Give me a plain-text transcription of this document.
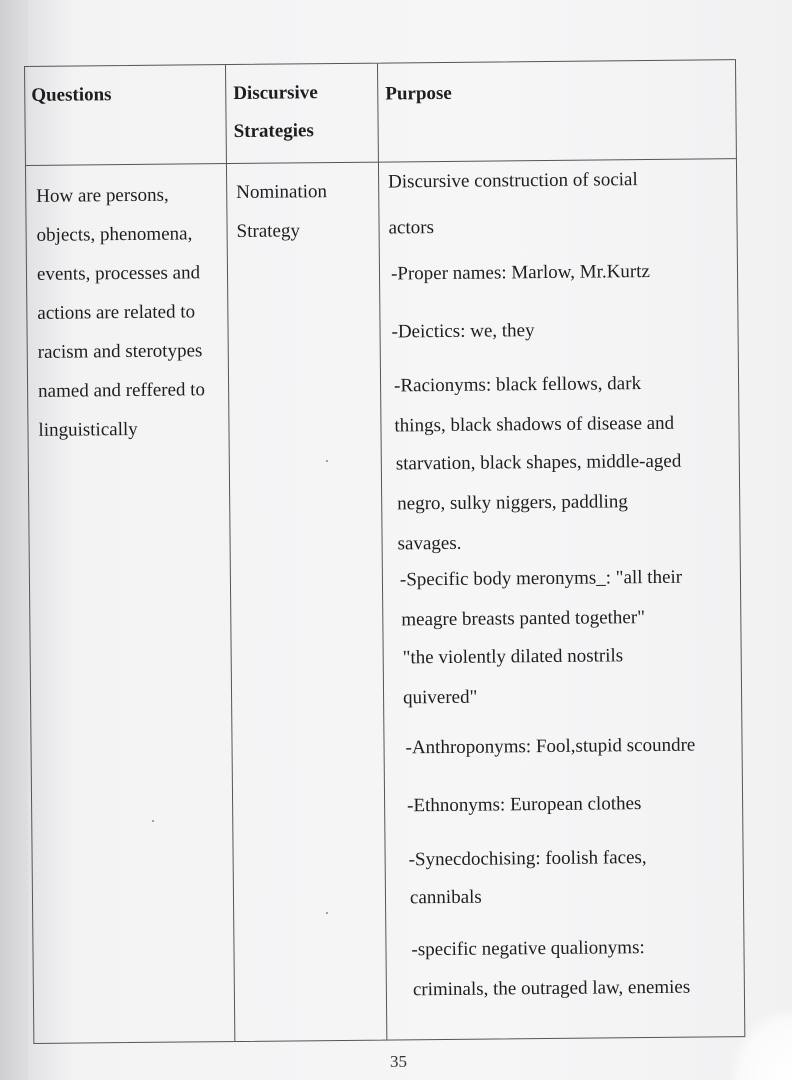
Questions	Discursive
Strategies
Purpose
How are persons,
objects, phenomena,
events, processes and
actions are related to
racism and sterotypes
named and reffered to
linguistically
Nomination
Strategy
Discursive construction of social
actors
-Proper names: Marlow, Mr.Kurtz
-Deictics: we, they
-Racionyms: black fellows, dark
things, black shadows of disease and
starvation, black shapes, middle-aged
negro, sulky niggers, paddling
savages.
-Specific body meronyms_: "all their
meagre breasts panted together"
"the violently dilated nostrils
quivered"
-Anthroponyms: Fool,stupid scoundre
-Ethnonyms: European clothes
-Synecdochising: foolish faces,
cannibals
-specific negative qualionyms:
criminals, the outraged law, enemies
35
